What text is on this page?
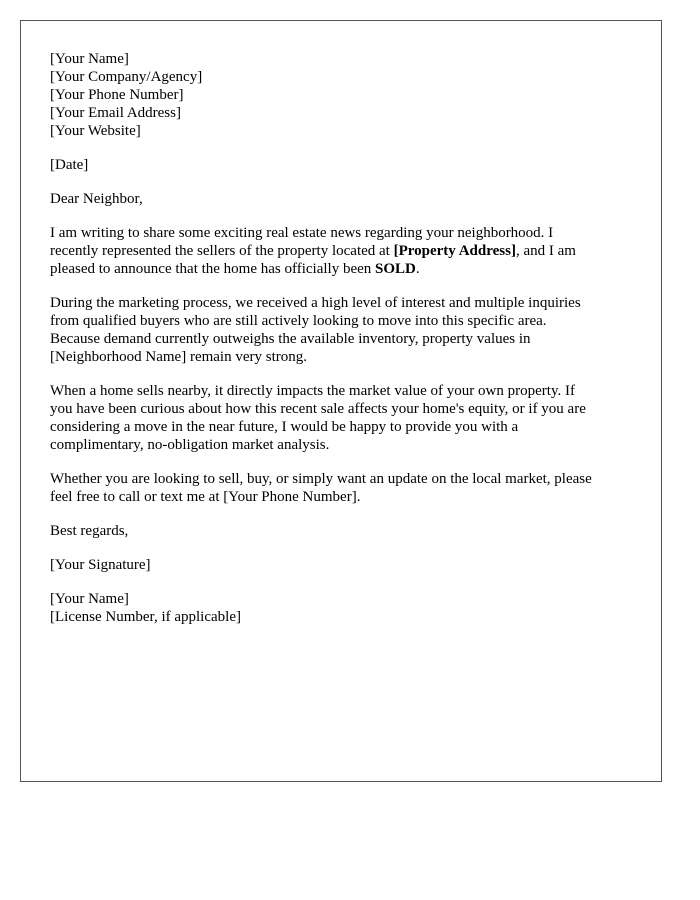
[Your Name]
[Your Company/Agency]
[Your Phone Number]
[Your Email Address]
[Your Website]
[Date]
Dear Neighbor,
I am writing to share some exciting real estate news regarding your neighborhood. I
recently represented the sellers of the property located at [Property Address], and I am
pleased to announce that the home has officially been SOLD.
During the marketing process, we received a high level of interest and multiple inquiries
from qualified buyers who are still actively looking to move into this specific area.
Because demand currently outweighs the available inventory, property values in
[Neighborhood Name] remain very strong.
When a home sells nearby, it directly impacts the market value of your own property. If
you have been curious about how this recent sale affects your home's equity, or if you are
considering a move in the near future, I would be happy to provide you with a
complimentary, no-obligation market analysis.
Whether you are looking to sell, buy, or simply want an update on the local market, please
feel free to call or text me at [Your Phone Number].
Best regards,
[Your Signature]
[Your Name]
[License Number, if applicable]
